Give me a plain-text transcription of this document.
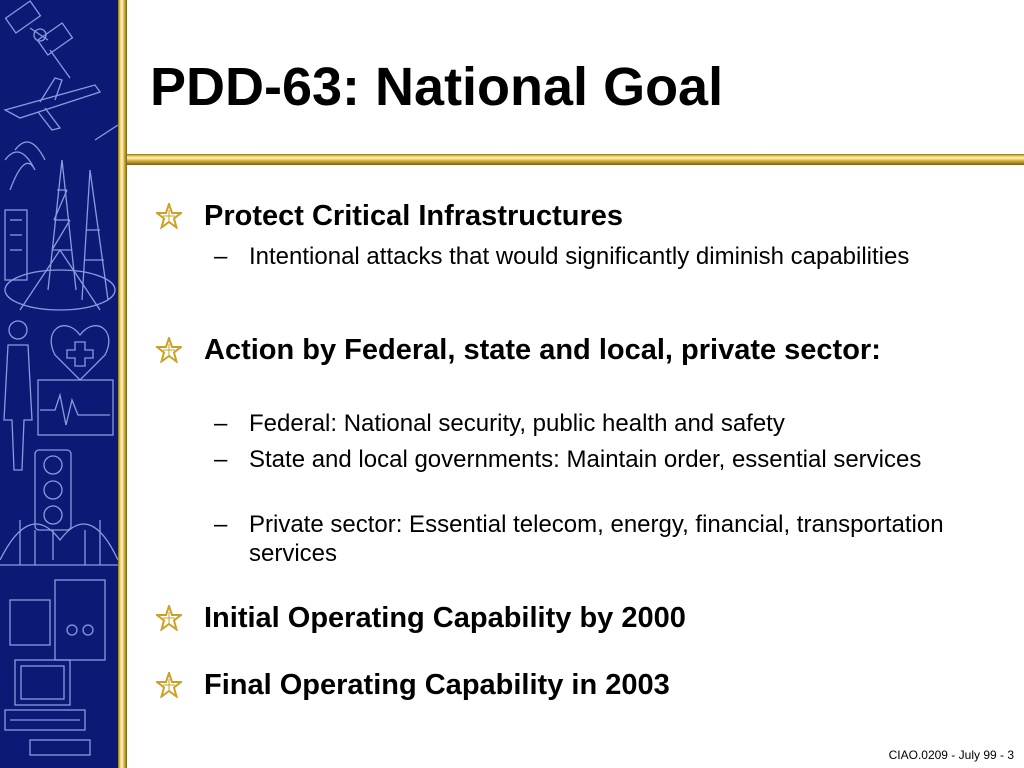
PDD-63: National Goal
Protect Critical Infrastructures
– Intentional attacks that would significantly diminish capabilities
Action by Federal, state and local, private sector:
– Federal: National security, public health and safety
– State and local governments: Maintain order, essential services
– Private sector: Essential telecom, energy, financial, transportation services
Initial Operating Capability by 2000
Final Operating Capability in 2003
CIAO.0209 - July 99 - 3
